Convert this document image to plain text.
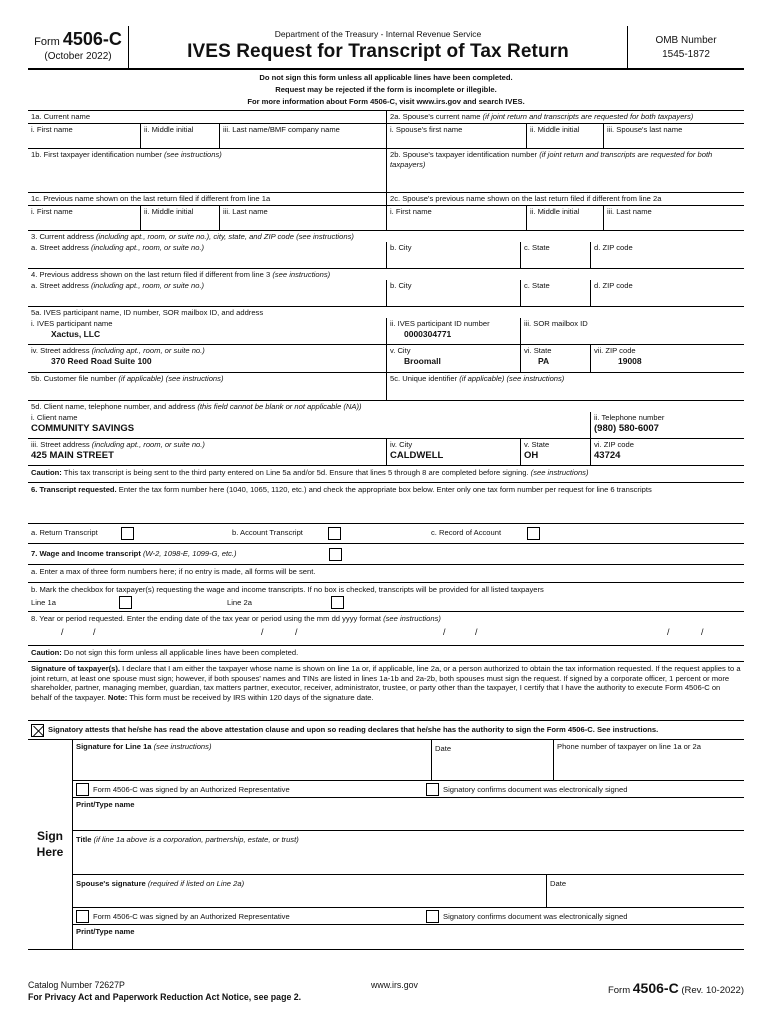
Form 4506-C
(October 2022)
Department of the Treasury - Internal Revenue Service
IVES Request for Transcript of Tax Return
OMB Number
1545-1872
Do not sign this form unless all applicable lines have been completed.
Request may be rejected if the form is incomplete or illegible.
For more information about Form 4506-C, visit www.irs.gov and search IVES.
1a. Current name
i. First name	ii. Middle initial	iii. Last name/BMF company name
2a. Spouse's current name (if joint return and transcripts are requested for both taxpayers)
i. Spouse's first name	ii. Middle initial	iii. Spouse's last name
1b. First taxpayer identification number (see instructions)	2b. Spouse's taxpayer identification number (if joint return and transcripts are requested for both taxpayers)
1c. Previous name shown on the last return filed if different from line 1a
i. First name	ii. Middle initial	iii. Last name
2c. Spouse's previous name shown on the last return filed if different from line 2a
i. First name	ii. Middle initial	iii. Last name
3. Current address (including apt., room, or suite no.), city, state, and ZIP code (see instructions)
a. Street address (including apt., room, or suite no.)	b. City	c. State	d. ZIP code
4. Previous address shown on the last return filed if different from line 3 (see instructions)
a. Street address (including apt., room, or suite no.)	b. City	c. State	d. ZIP code
5a. IVES participant name, ID number, SOR mailbox ID, and address
i. IVES participant name
Xactus, LLC
ii. IVES participant ID number
0000304771
iii. SOR mailbox ID
iv. Street address (including apt., room, or suite no.)
370 Reed Road Suite 100
v. City
Broomall
vi. State
PA
vii. ZIP code
19008
5b. Customer file number (if applicable) (see instructions)	5c. Unique identifier (if applicable) (see instructions)
5d. Client name, telephone number, and address (this field cannot be blank or not applicable (NA))
i. Client name
COMMUNITY SAVINGS
ii. Telephone number
(980) 580-6007
iii. Street address (including apt., room, or suite no.)
425 MAIN STREET
iv. City
CALDWELL
v. State
OH
vi. ZIP code
43724
Caution: This tax transcript is being sent to the third party entered on Line 5a and/or 5d. Ensure that lines 5 through 8 are completed before signing. (see instructions)
6. Transcript requested. Enter the tax form number here (1040, 1065, 1120, etc.) and check the appropriate box below. Enter only one tax form number per request for line 6 transcripts
a. Return Transcript	b. Account Transcript	c. Record of Account
7. Wage and Income transcript (W-2, 1098-E, 1099-G, etc.)
a. Enter a max of three form numbers here; if no entry is made, all forms will be sent.
b. Mark the checkbox for taxpayer(s) requesting the wage and income transcripts. If no box is checked, transcripts will be provided for all listed taxpayers
Line 1a	Line 2a
8. Year or period requested. Enter the ending date of the tax year or period using the mm dd yyyy format (see instructions)
/	/	/	/	/	/	/	/
Caution: Do not sign this form unless all applicable lines have been completed.
Signature of taxpayer(s). I declare that I am either the taxpayer whose name is shown on line 1a or, if applicable, line 2a, or a person authorized to obtain the tax information requested. If the request applies to a joint return, at least one spouse must sign; however, if both spouses' names and TINs are listed in lines 1a-1b and 2a-2b, both spouses must sign the request. If signed by a corporate officer, 1 percent or more shareholder, partner, managing member, guardian, tax matters partner, executor, receiver, administrator, trustee, or party other than the taxpayer, I certify that I have the authority to execute Form 4506-C on behalf of the taxpayer. Note: This form must be received by IRS within 120 days of the signature date.
Signatory attests that he/she has read the above attestation clause and upon so reading declares that he/she has the authority to sign the Form 4506-C. See instructions.
Sign
Here
Signature for Line 1a (see instructions)	Date	Phone number of taxpayer on line 1a or 2a
Form 4506-C was signed by an Authorized Representative	Signatory confirms document was electronically signed
Print/Type name
Title (if line 1a above is a corporation, partnership, estate, or trust)
Spouse's signature (required if listed on Line 2a)	Date
Form 4506-C was signed by an Authorized Representative	Signatory confirms document was electronically signed
Print/Type name
Catalog Number 72627P
For Privacy Act and Paperwork Reduction Act Notice, see page 2.
www.irs.gov	Form 4506-C (Rev. 10-2022)
